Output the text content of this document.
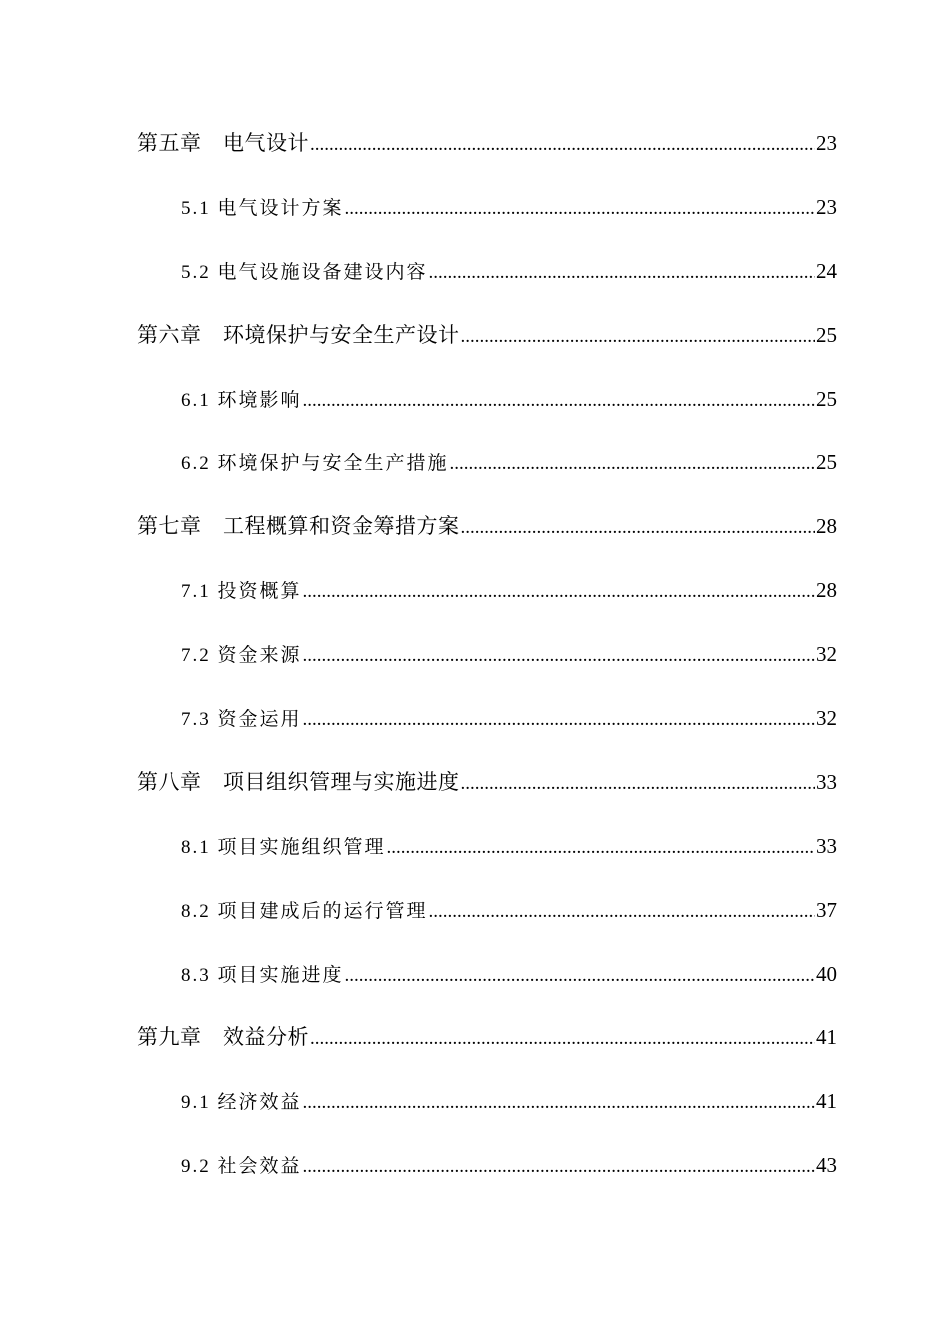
第五章　电气设计 .....	23
5.1 电气设计方案 .....	23
5.2 电气设施设备建设内容 .....	24
第六章　环境保护与安全生产设计 .....	25
6.1 环境影响 .....	25
6.2 环境保护与安全生产措施 .....	25
第七章　工程概算和资金筹措方案 .....	28
7.1 投资概算 .....	28
7.2 资金来源 .....	32
7.3 资金运用 .....	32
第八章　项目组织管理与实施进度 .....	33
8.1 项目实施组织管理 .....	33
8.2 项目建成后的运行管理 .....	37
8.3 项目实施进度 .....	40
第九章　效益分析 .....	41
9.1 经济效益 .....	41
9.2 社会效益 .....	43
